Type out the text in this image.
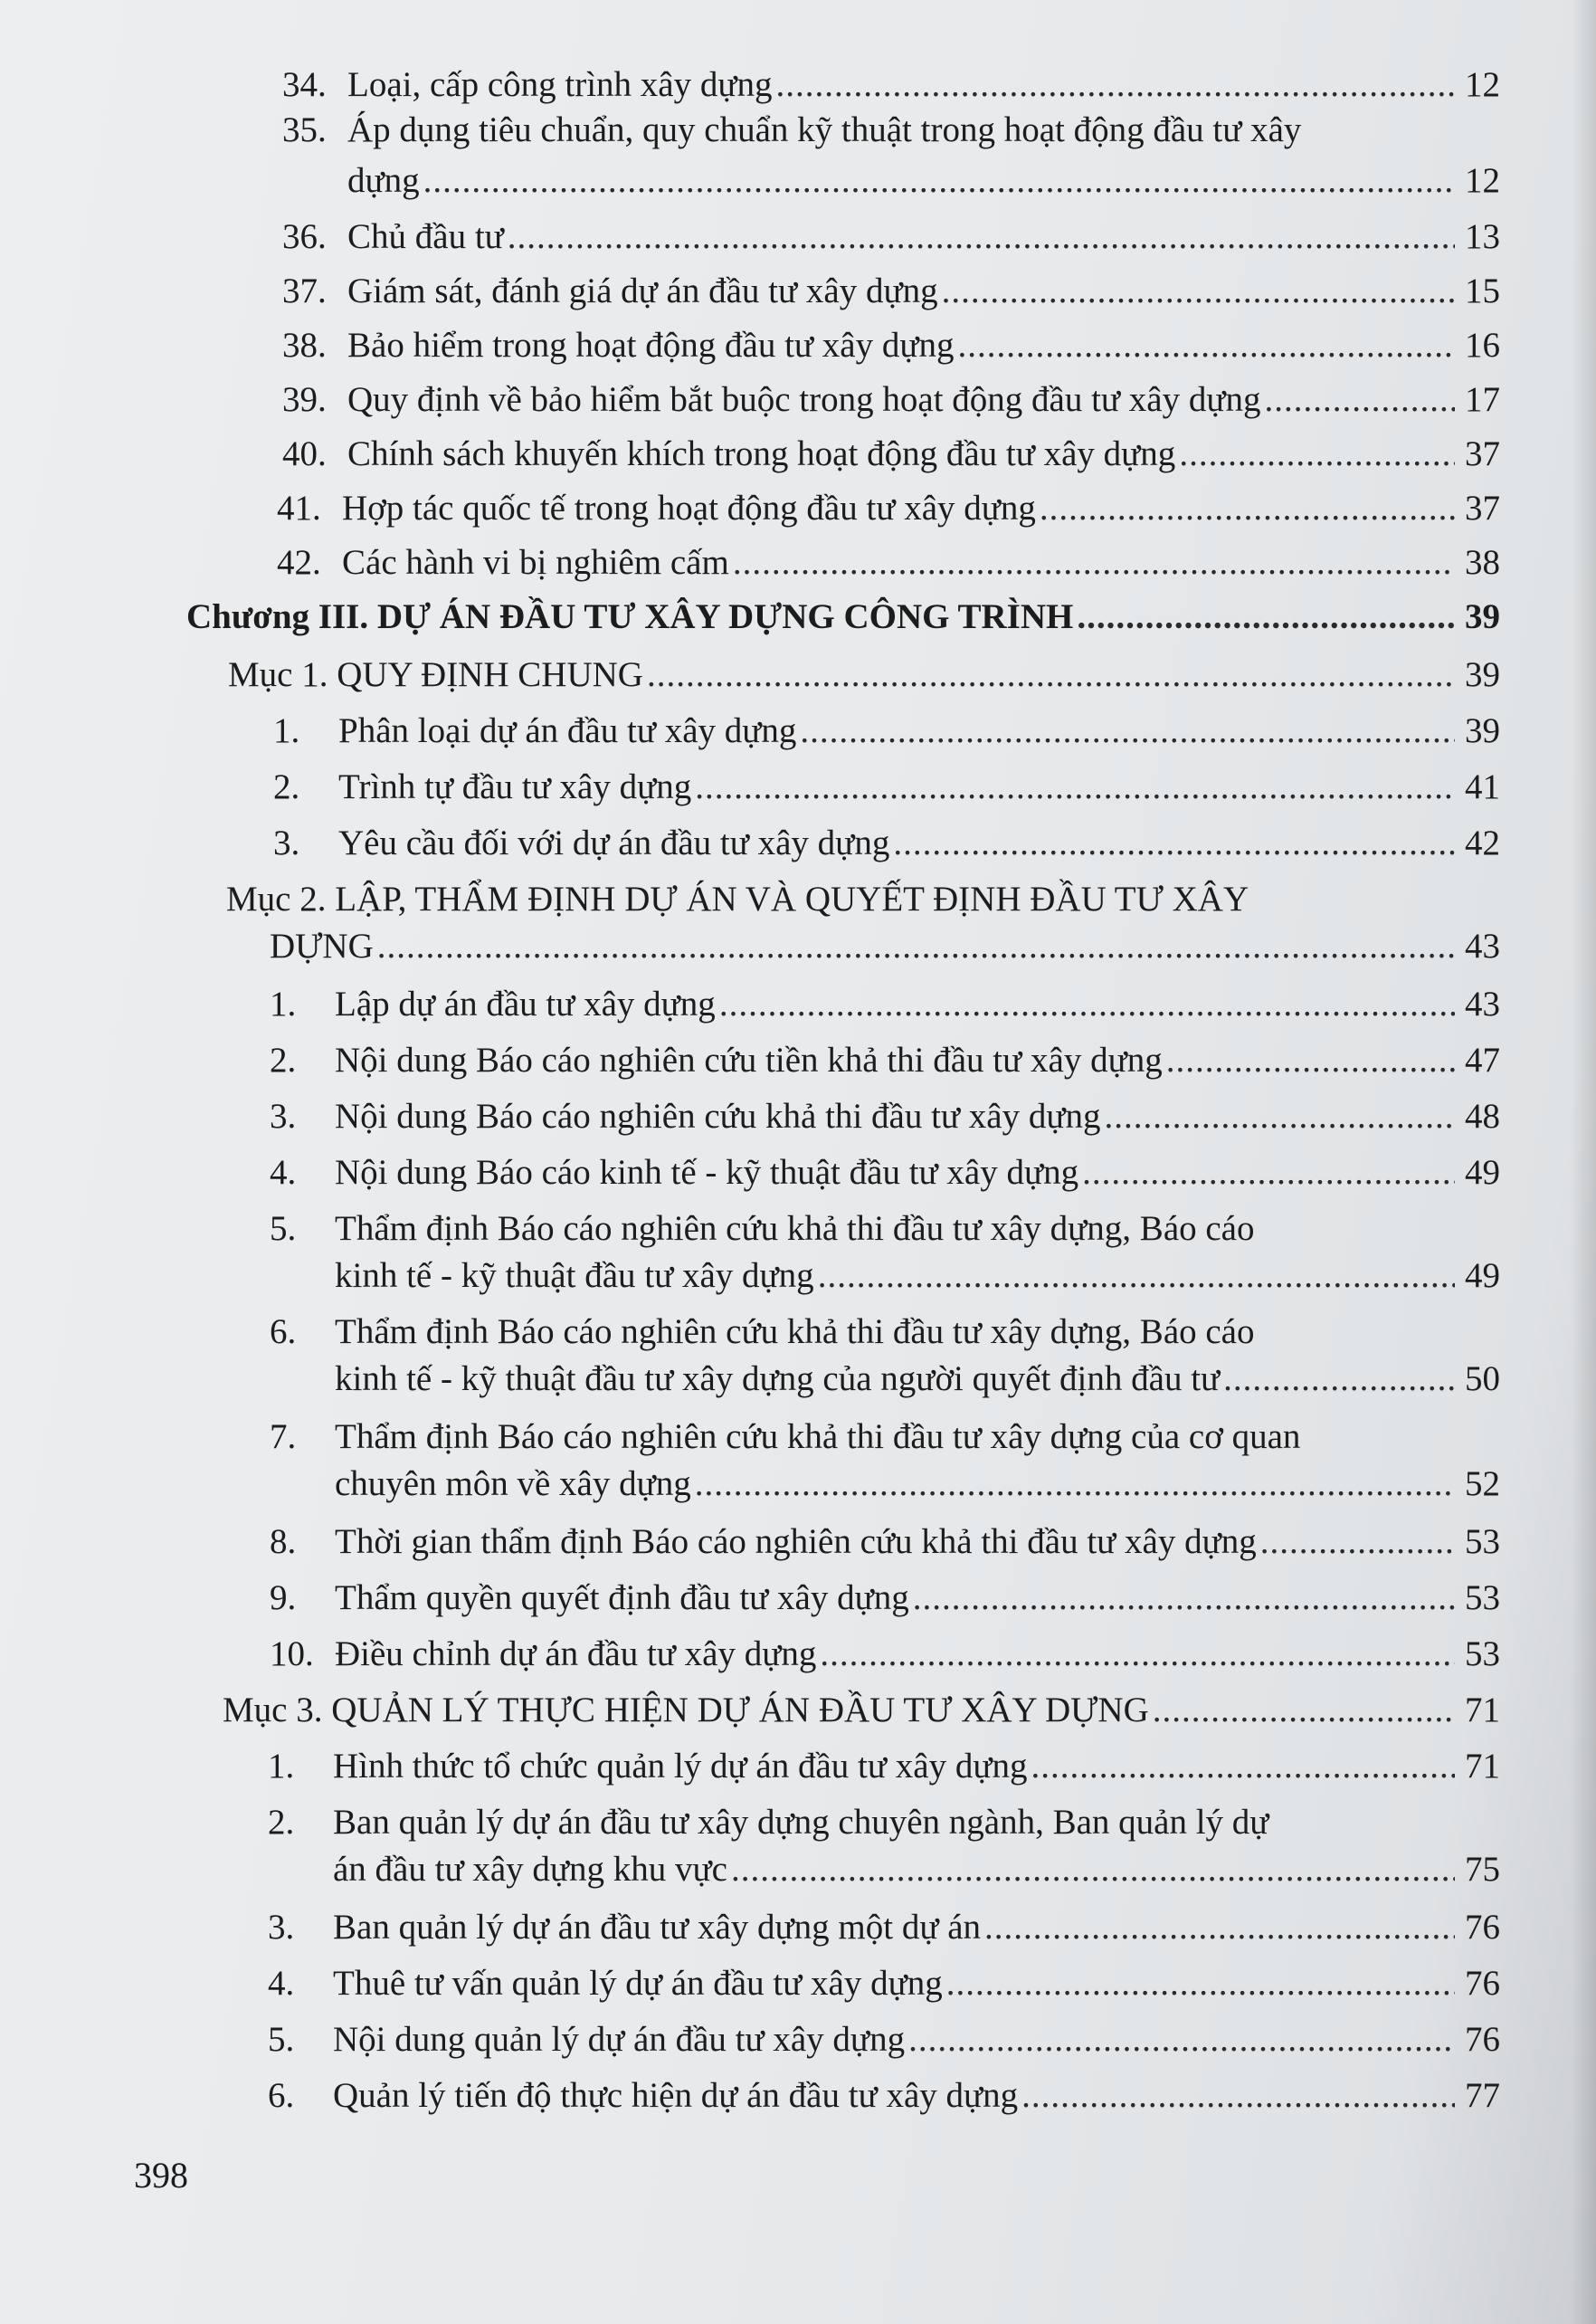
34. Loại, cấp công trình xây dựng .....	12
35. Áp dụng tiêu chuẩn, quy chuẩn kỹ thuật trong hoạt động đầu tư xây
dựng .....	12
36. Chủ đầu tư .....	13
37. Giám sát, đánh giá dự án đầu tư xây dựng .....	15
38. Bảo hiểm trong hoạt động đầu tư xây dựng .....	16
39. Quy định về bảo hiểm bắt buộc trong hoạt động đầu tư xây dựng .....	17
40. Chính sách khuyến khích trong hoạt động đầu tư xây dựng .....	37
41. Hợp tác quốc tế trong hoạt động đầu tư xây dựng .....	37
42. Các hành vi bị nghiêm cấm .....	38
Chương III. DỰ ÁN ĐẦU TƯ XÂY DỰNG CÔNG TRÌNH .....	39
Mục 1. QUY ĐỊNH CHUNG .....	39
1.	Phân loại dự án đầu tư xây dựng .....	39
2.	Trình tự đầu tư xây dựng .....	41
3.	Yêu cầu đối với dự án đầu tư xây dựng .....	42
Mục 2. LẬP, THẨM ĐỊNH DỰ ÁN VÀ QUYẾT ĐỊNH ĐẦU TƯ XÂY
DỰNG .....	43
1.	Lập dự án đầu tư xây dựng .....	43
2.	Nội dung Báo cáo nghiên cứu tiền khả thi đầu tư xây dựng .....	47
3.	Nội dung Báo cáo nghiên cứu khả thi đầu tư xây dựng .....	48
4.	Nội dung Báo cáo kinh tế - kỹ thuật đầu tư xây dựng .....	49
5.	Thẩm định Báo cáo nghiên cứu khả thi đầu tư xây dựng, Báo cáo
kinh tế - kỹ thuật đầu tư xây dựng .....	49
6.	Thẩm định Báo cáo nghiên cứu khả thi đầu tư xây dựng, Báo cáo
kinh tế - kỹ thuật đầu tư xây dựng của người quyết định đầu tư .....	50
7.	Thẩm định Báo cáo nghiên cứu khả thi đầu tư xây dựng của cơ quan
chuyên môn về xây dựng .....	52
8.	Thời gian thẩm định Báo cáo nghiên cứu khả thi đầu tư xây dựng .....	53
9.	Thẩm quyền quyết định đầu tư xây dựng .....	53
10. Điều chỉnh dự án đầu tư xây dựng .....	53
Mục 3. QUẢN LÝ THỰC HIỆN DỰ ÁN ĐẦU TƯ XÂY DỰNG .....	71
1.	Hình thức tổ chức quản lý dự án đầu tư xây dựng .....	71
2.	Ban quản lý dự án đầu tư xây dựng chuyên ngành, Ban quản lý dự
án đầu tư xây dựng khu vực .....	75
3.	Ban quản lý dự án đầu tư xây dựng một dự án .....	76
4.	Thuê tư vấn quản lý dự án đầu tư xây dựng .....	76
5.	Nội dung quản lý dự án đầu tư xây dựng .....	76
6.	Quản lý tiến độ thực hiện dự án đầu tư xây dựng .....	77
398
